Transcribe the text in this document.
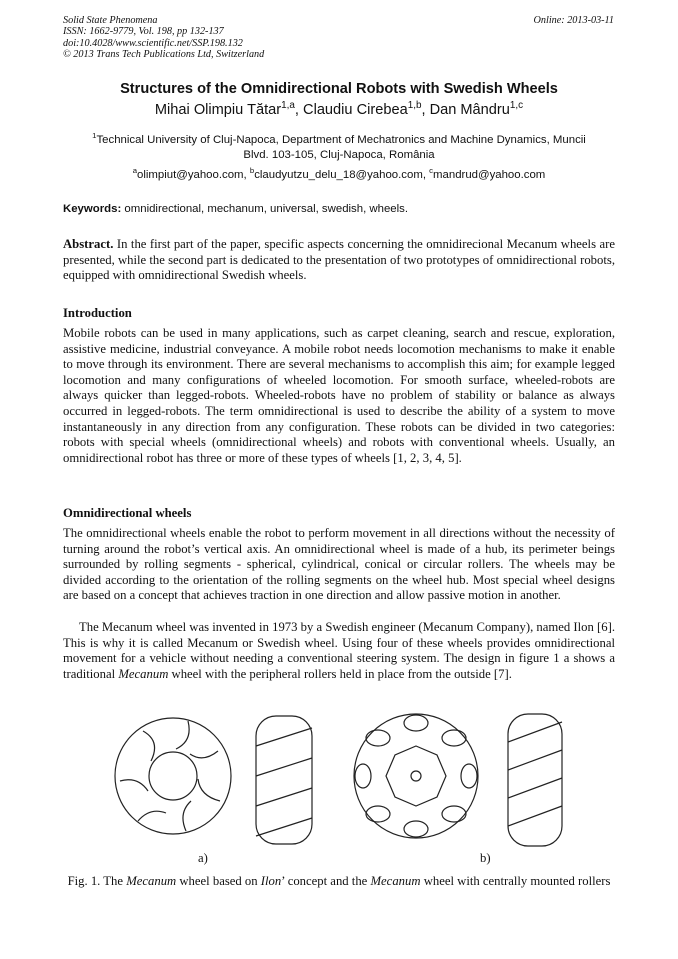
Solid State Phenomena
ISSN: 1662-9779, Vol. 198, pp 132-137
doi:10.4028/www.scientific.net/SSP.198.132
© 2013 Trans Tech Publications Ltd, Switzerland
Online: 2013-03-11
Structures of the Omnidirectional Robots with Swedish Wheels
Mihai Olimpiu Tătar$^{1,a}$, Claudiu Cirebea$^{1,b}$, Dan Mândru$^{1,c}$
$^1$Technical University of Cluj-Napoca, Department of Mechatronics and Machine Dynamics, Muncii
Blvd. 103-105, Cluj-Napoca, România
$^a$olimpiut@yahoo.com, $^b$claudyutzu_delu_18@yahoo.com, $^c$mandrud@yahoo.com
Keywords: omnidirectional, mechanum, universal, swedish, wheels.
Abstract. In the first part of the paper, specific aspects concerning the omnidirecional Mecanum wheels are presented, while the second part is dedicated to the presentation of two prototypes of omnidirectional robots, equipped with omnidirectional Swedish wheels.
Introduction
Mobile robots can be used in many applications, such as carpet cleaning, search and rescue, exploration, assistive medicine, industrial conveyance. A mobile robot needs locomotion mechanisms to make it enable to move through its environment. There are several mechanisms to accomplish this aim; for example legged locomotion and many configurations of wheeled locomotion. For smooth surface, wheeled-robots are always quicker than legged-robots. Wheeled-robots have no problem of stability or balance as always occurred in legged-robots. The term omnidirectional is used to describe the ability of a system to move instantaneously in any direction from any configuration. These robots can be divided in two categories: robots with special wheels (omnidirectional wheels) and robots with conventional wheels. Usually, an omnidirectional robot has three or more of these types of wheels [1, 2, 3, 4, 5].
Omnidirectional wheels
The omnidirectional wheels enable the robot to perform movement in all directions without the necessity of turning around the robot’s vertical axis. An omnidirectional wheel is made of a hub, its perimeter beings surrounded by rolling segments - spherical, cylindrical, conical or circular rollers. The wheels may be divided according to the orientation of the rolling segments on the wheel hub. Most special wheel designs are based on a concept that achieves traction in one direction and allow passive motion in another.
The Mecanum wheel was invented in 1973 by a Swedish engineer (Mecanum Company), named Ilon [6]. This is why it is called Mecanum or Swedish wheel. Using four of these wheels provides omnidirectional movement for a vehicle without needing a conventional steering system. The design in figure 1 a shows a traditional Mecanum wheel with the peripheral rollers held in place from the outside [7].
a)	b)
Fig. 1. The Mecanum wheel based on Ilon’ concept and the Mecanum wheel with centrally mounted rollers
